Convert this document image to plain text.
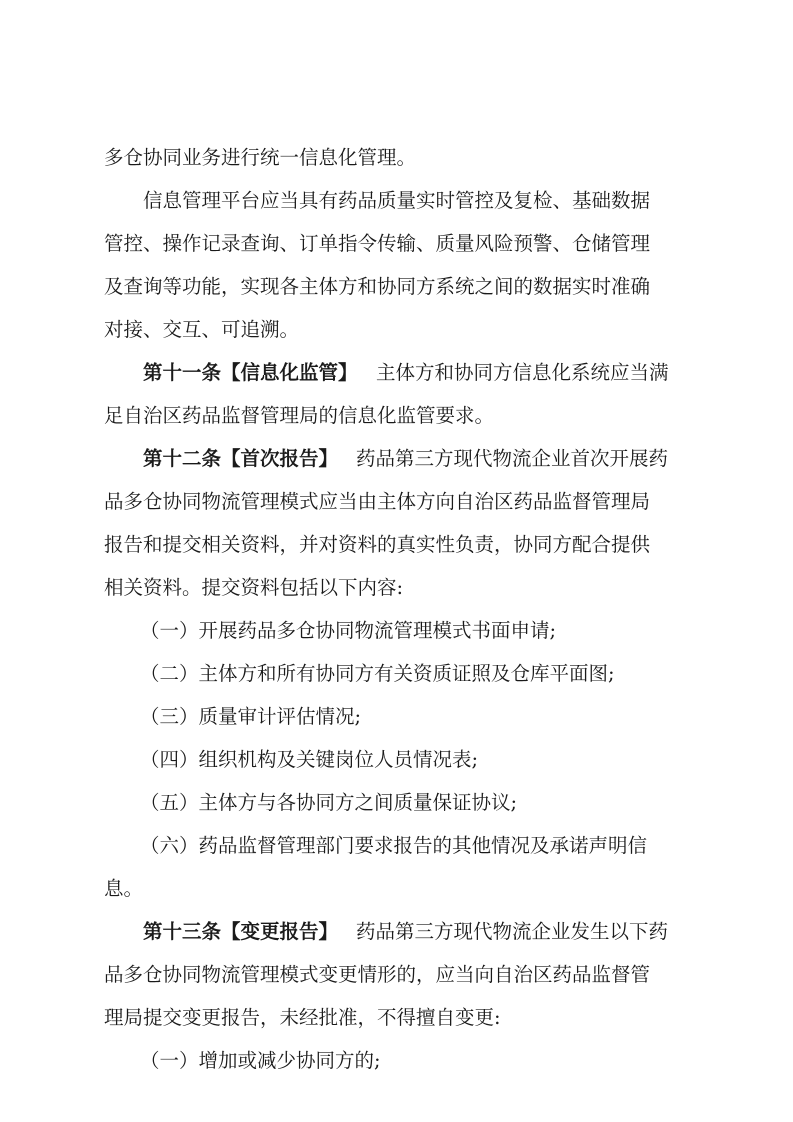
多仓协同业务进行统一信息化管理。
信息管理平台应当具有药品质量实时管控及复检、基础数据
管控、操作记录查询、订单指令传输、质量风险预警、仓储管理
及查询等功能，实现各主体方和协同方系统之间的数据实时准确
对接、交互、可追溯。
第十一条【信息化监管】 主体方和协同方信息化系统应当满
足自治区药品监督管理局的信息化监管要求。
第十二条【首次报告】 药品第三方现代物流企业首次开展药
品多仓协同物流管理模式应当由主体方向自治区药品监督管理局
报告和提交相关资料，并对资料的真实性负责，协同方配合提供
相关资料。提交资料包括以下内容:
（一）开展药品多仓协同物流管理模式书面申请;
（二）主体方和所有协同方有关资质证照及仓库平面图;
（三）质量审计评估情况;
（四）组织机构及关键岗位人员情况表;
（五）主体方与各协同方之间质量保证协议;
（六）药品监督管理部门要求报告的其他情况及承诺声明信
息。
第十三条【变更报告】 药品第三方现代物流企业发生以下药
品多仓协同物流管理模式变更情形的，应当向自治区药品监督管
理局提交变更报告，未经批准，不得擅自变更:
（一）增加或减少协同方的;
